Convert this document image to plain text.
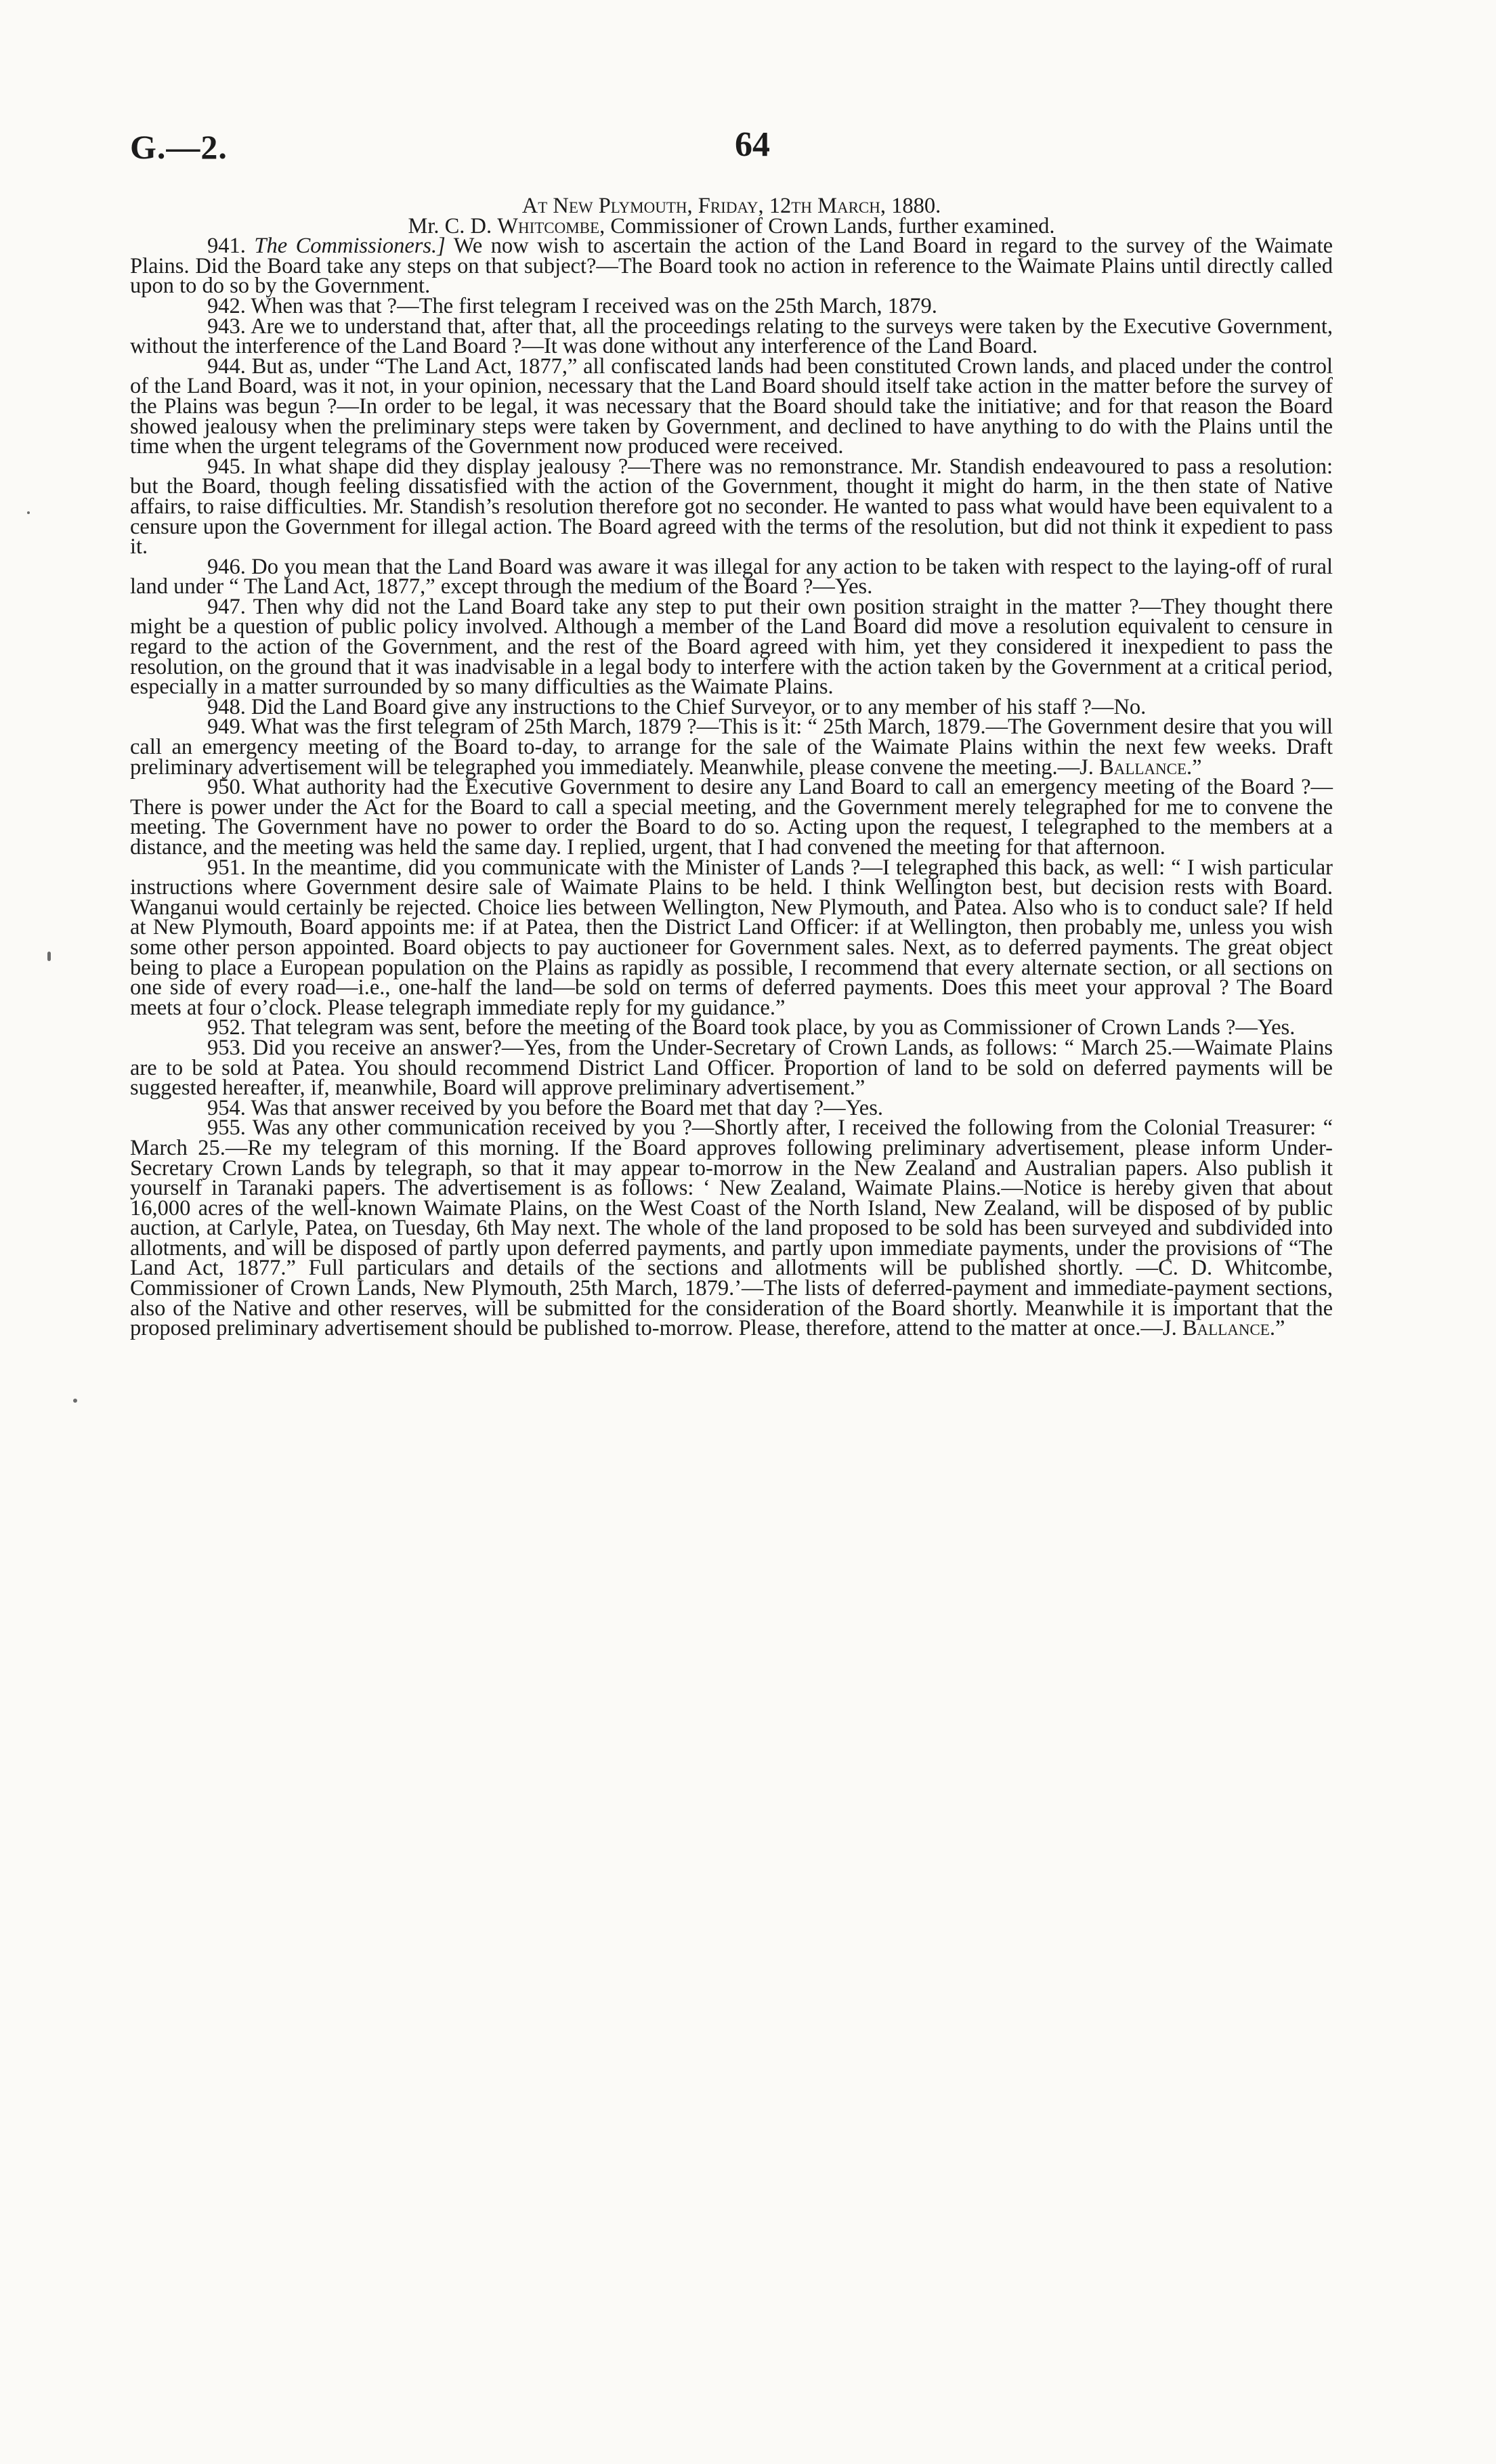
G.—2.	64

At New Plymouth, Friday, 12th March, 1880.

Mr. C. D. Whitcombe, Commissioner of Crown Lands, further examined.

941. The Commissioners.] We now wish to ascertain the action of the Land Board in regard to the survey of the Waimate Plains. Did the Board take any steps on that subject?—The Board took no action in reference to the Waimate Plains until directly called upon to do so by the Government.

942. When was that ?—The first telegram I received was on the 25th March, 1879.

943. Are we to understand that, after that, all the proceedings relating to the surveys were taken by the Executive Government, without the interference of the Land Board ?—It was done without any interference of the Land Board.

944. But as, under “The Land Act, 1877,” all confiscated lands had been constituted Crown lands, and placed under the control of the Land Board, was it not, in your opinion, necessary that the Land Board should itself take action in the matter before the survey of the Plains was begun ?—In order to be legal, it was necessary that the Board should take the initiative; and for that reason the Board showed jealousy when the preliminary steps were taken by Government, and declined to have anything to do with the Plains until the time when the urgent telegrams of the Government now produced were received.

945. In what shape did they display jealousy ?—There was no remonstrance. Mr. Standish endeavoured to pass a resolution: but the Board, though feeling dissatisfied with the action of the Government, thought it might do harm, in the then state of Native affairs, to raise difficulties. Mr. Standish’s resolution therefore got no seconder. He wanted to pass what would have been equivalent to a censure upon the Government for illegal action. The Board agreed with the terms of the resolution, but did not think it expedient to pass it.

946. Do you mean that the Land Board was aware it was illegal for any action to be taken with respect to the laying-off of rural land under “ The Land Act, 1877,” except through the medium of the Board ?—Yes.

947. Then why did not the Land Board take any step to put their own position straight in the matter ?—They thought there might be a question of public policy involved. Although a member of the Land Board did move a resolution equivalent to censure in regard to the action of the Government, and the rest of the Board agreed with him, yet they considered it inexpedient to pass the resolution, on the ground that it was inadvisable in a legal body to interfere with the action taken by the Government at a critical period, especially in a matter surrounded by so many difficulties as the Waimate Plains.

948. Did the Land Board give any instructions to the Chief Surveyor, or to any member of his staff ?—No.

949. What was the first telegram of 25th March, 1879 ?—This is it: “ 25th March, 1879.—The Government desire that you will call an emergency meeting of the Board to-day, to arrange for the sale of the Waimate Plains within the next few weeks. Draft preliminary advertisement will be telegraphed you immediately. Meanwhile, please convene the meeting.—J. Ballance.”

950. What authority had the Executive Government to desire any Land Board to call an emergency meeting of the Board ?—There is power under the Act for the Board to call a special meeting, and the Government merely telegraphed for me to convene the meeting. The Government have no power to order the Board to do so. Acting upon the request, I telegraphed to the members at a distance, and the meeting was held the same day. I replied, urgent, that I had convened the meeting for that afternoon.

951. In the meantime, did you communicate with the Minister of Lands ?—I telegraphed this back, as well: “ I wish particular instructions where Government desire sale of Waimate Plains to be held. I think Wellington best, but decision rests with Board. Wanganui would certainly be rejected. Choice lies between Wellington, New Plymouth, and Patea. Also who is to conduct sale? If held at New Plymouth, Board appoints me: if at Patea, then the District Land Officer: if at Wellington, then probably me, unless you wish some other person appointed. Board objects to pay auctioneer for Government sales. Next, as to deferred payments. The great object being to place a European population on the Plains as rapidly as possible, I recommend that every alternate section, or all sections on one side of every road—i.e., one-half the land—be sold on terms of deferred payments. Does this meet your approval ? The Board meets at four o’clock. Please telegraph immediate reply for my guidance.”

952. That telegram was sent, before the meeting of the Board took place, by you as Commissioner of Crown Lands ?—Yes.

953. Did you receive an answer?—Yes, from the Under-Secretary of Crown Lands, as follows: “ March 25.—Waimate Plains are to be sold at Patea. You should recommend District Land Officer. Proportion of land to be sold on deferred payments will be suggested hereafter, if, meanwhile, Board will approve preliminary advertisement.”

954. Was that answer received by you before the Board met that day ?—Yes.

955. Was any other communication received by you ?—Shortly after, I received the following from the Colonial Treasurer: “ March 25.—Re my telegram of this morning. If the Board approves following preliminary advertisement, please inform Under-Secretary Crown Lands by telegraph, so that it may appear to-morrow in the New Zealand and Australian papers. Also publish it yourself in Taranaki papers. The advertisement is as follows: ‘ New Zealand, Waimate Plains.—Notice is hereby given that about 16,000 acres of the well-known Waimate Plains, on the West Coast of the North Island, New Zealand, will be disposed of by public auction, at Carlyle, Patea, on Tuesday, 6th May next. The whole of the land proposed to be sold has been surveyed and subdivided into allotments, and will be disposed of partly upon deferred payments, and partly upon immediate payments, under the provisions of “The Land Act, 1877.” Full particulars and details of the sections and allotments will be published shortly. —C. D. Whitcombe, Commissioner of Crown Lands, New Plymouth, 25th March, 1879.’—The lists of deferred-payment and immediate-payment sections, also of the Native and other reserves, will be submitted for the consideration of the Board shortly. Meanwhile it is important that the proposed preliminary advertisement should be published to-morrow. Please, therefore, attend to the matter at once.—J. Ballance.”
